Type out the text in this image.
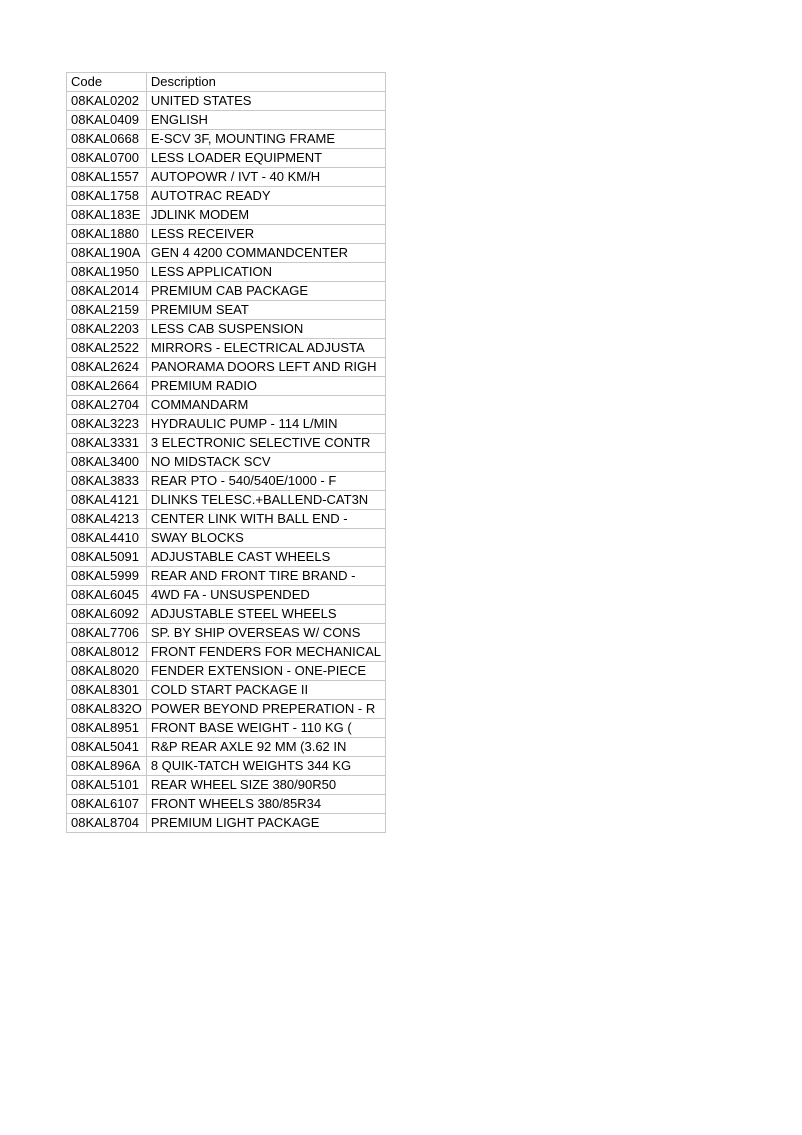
Code	Description
08KAL0202	UNITED STATES
08KAL0409	ENGLISH
08KAL0668	E-SCV 3F, MOUNTING FRAME
08KAL0700	LESS LOADER EQUIPMENT
08KAL1557	AUTOPOWR / IVT - 40 KM/H
08KAL1758	AUTOTRAC READY
08KAL183E	JDLINK MODEM
08KAL1880	LESS RECEIVER
08KAL190A	GEN 4 4200 COMMANDCENTER
08KAL1950	LESS APPLICATION
08KAL2014	PREMIUM CAB PACKAGE
08KAL2159	PREMIUM SEAT
08KAL2203	LESS CAB SUSPENSION
08KAL2522	MIRRORS - ELECTRICAL ADJUSTA
08KAL2624	PANORAMA DOORS LEFT AND RIGH
08KAL2664	PREMIUM RADIO
08KAL2704	COMMANDARM
08KAL3223	HYDRAULIC PUMP - 114 L/MIN
08KAL3331	3 ELECTRONIC SELECTIVE CONTR
08KAL3400	NO MIDSTACK SCV
08KAL3833	REAR PTO - 540/540E/1000 - F
08KAL4121	DLINKS TELESC.+BALLEND-CAT3N
08KAL4213	CENTER LINK WITH BALL END -
08KAL4410	SWAY BLOCKS
08KAL5091	ADJUSTABLE CAST WHEELS
08KAL5999	REAR AND FRONT TIRE BRAND -
08KAL6045	4WD FA - UNSUSPENDED
08KAL6092	ADJUSTABLE STEEL WHEELS
08KAL7706	SP. BY SHIP OVERSEAS W/ CONS
08KAL8012	FRONT FENDERS FOR MECHANICAL
08KAL8020	FENDER EXTENSION - ONE-PIECE
08KAL8301	COLD START PACKAGE II
08KAL832O	POWER BEYOND PREPERATION - R
08KAL8951	FRONT BASE WEIGHT - 110 KG (
08KAL5041	R&P REAR AXLE 92 MM (3.62 IN
08KAL896A	8 QUIK-TATCH WEIGHTS 344 KG
08KAL5101	REAR WHEEL SIZE 380/90R50
08KAL6107	FRONT WHEELS 380/85R34
08KAL8704	PREMIUM LIGHT PACKAGE
